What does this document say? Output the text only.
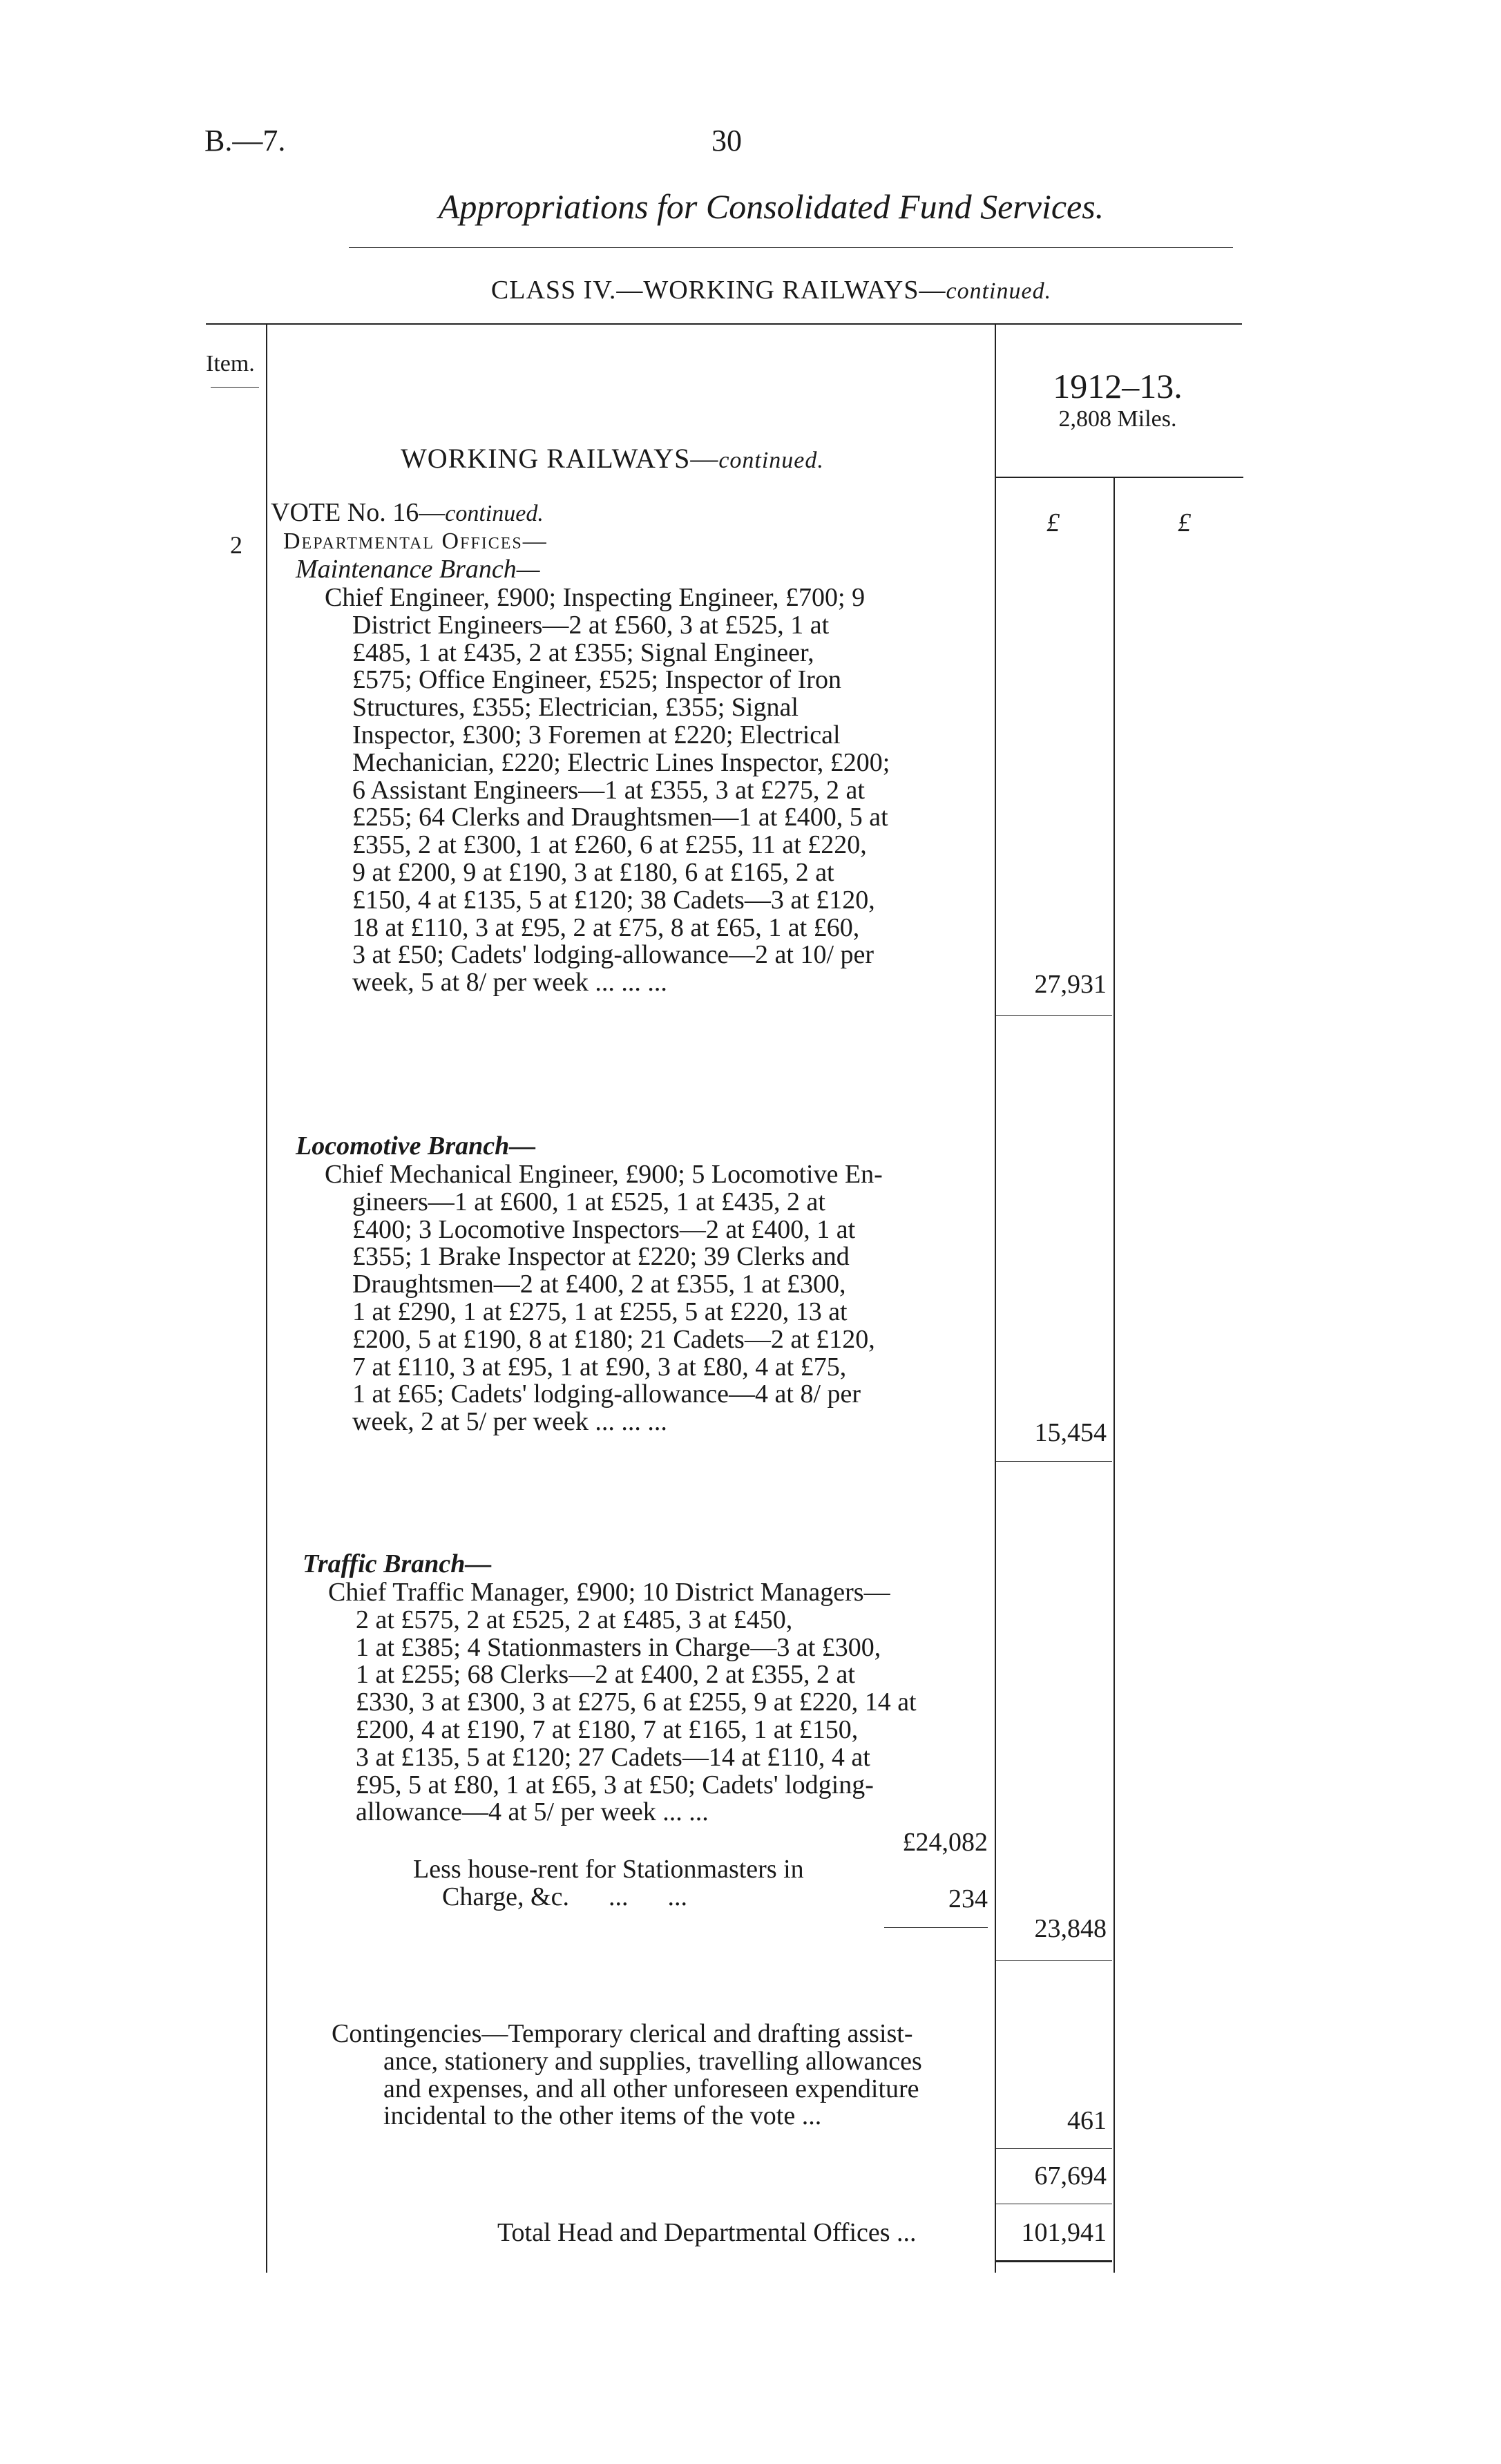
B.—7.	30
Appropriations for Consolidated Fund Services.
CLASS IV.—WORKING RAILWAYS—continued.
Item.
1912–13.
2,808 Miles.
WORKING RAILWAYS—continued.
£	£
VOTE No. 16—continued.
2 Departmental Offices—
Maintenance Branch—
Chief Engineer, £900; Inspecting Engineer, £700; 9
District Engineers—2 at £560, 3 at £525, 1 at
£485, 1 at £435, 2 at £355; Signal Engineer,
£575; Office Engineer, £525; Inspector of Iron
Structures, £355; Electrician, £355; Signal
Inspector, £300; 3 Foremen at £220; Electrical
Mechanician, £220; Electric Lines Inspector, £200;
6 Assistant Engineers—1 at £355, 3 at £275, 2 at
£255; 64 Clerks and Draughtsmen—1 at £400, 5 at
£355, 2 at £300, 1 at £260, 6 at £255, 11 at £220,
9 at £200, 9 at £190, 3 at £180, 6 at £165, 2 at
£150, 4 at £135, 5 at £120; 38 Cadets—3 at £120,
18 at £110, 3 at £95, 2 at £75, 8 at £65, 1 at £60,
3 at £50; Cadets' lodging-allowance—2 at 10/ per
week, 5 at 8/ per week ... ... ...	27,931
Locomotive Branch—
Chief Mechanical Engineer, £900; 5 Locomotive En-
gineers—1 at £600, 1 at £525, 1 at £435, 2 at
£400; 3 Locomotive Inspectors—2 at £400, 1 at
£355; 1 Brake Inspector at £220; 39 Clerks and
Draughtsmen—2 at £400, 2 at £355, 1 at £300,
1 at £290, 1 at £275, 1 at £255, 5 at £220, 13 at
£200, 5 at £190, 8 at £180; 21 Cadets—2 at £120,
7 at £110, 3 at £95, 1 at £90, 3 at £80, 4 at £75,
1 at £65; Cadets' lodging-allowance—4 at 8/ per
week, 2 at 5/ per week ... ... ...	15,454
Traffic Branch—
Chief Traffic Manager, £900; 10 District Managers—
2 at £575, 2 at £525, 2 at £485, 3 at £450,
1 at £385; 4 Stationmasters in Charge—3 at £300,
1 at £255; 68 Clerks—2 at £400, 2 at £355, 2 at
£330, 3 at £300, 3 at £275, 6 at £255, 9 at £220, 14 at
£200, 4 at £190, 7 at £180, 7 at £165, 1 at £150,
3 at £135, 5 at £120; 27 Cadets—14 at £110, 4 at
£95, 5 at £80, 1 at £65, 3 at £50; Cadets' lodging-
allowance—4 at 5/ per week ... ...
£24,082
Less house-rent for Stationmasters in
Charge, &c.      ...      ...	234
23,848
Contingencies—Temporary clerical and drafting assist-
ance, stationery and supplies, travelling allowances
and expenses, and all other unforeseen expenditure
incidental to the other items of the vote ...	461
67,694
Total Head and Departmental Offices ...	101,941
